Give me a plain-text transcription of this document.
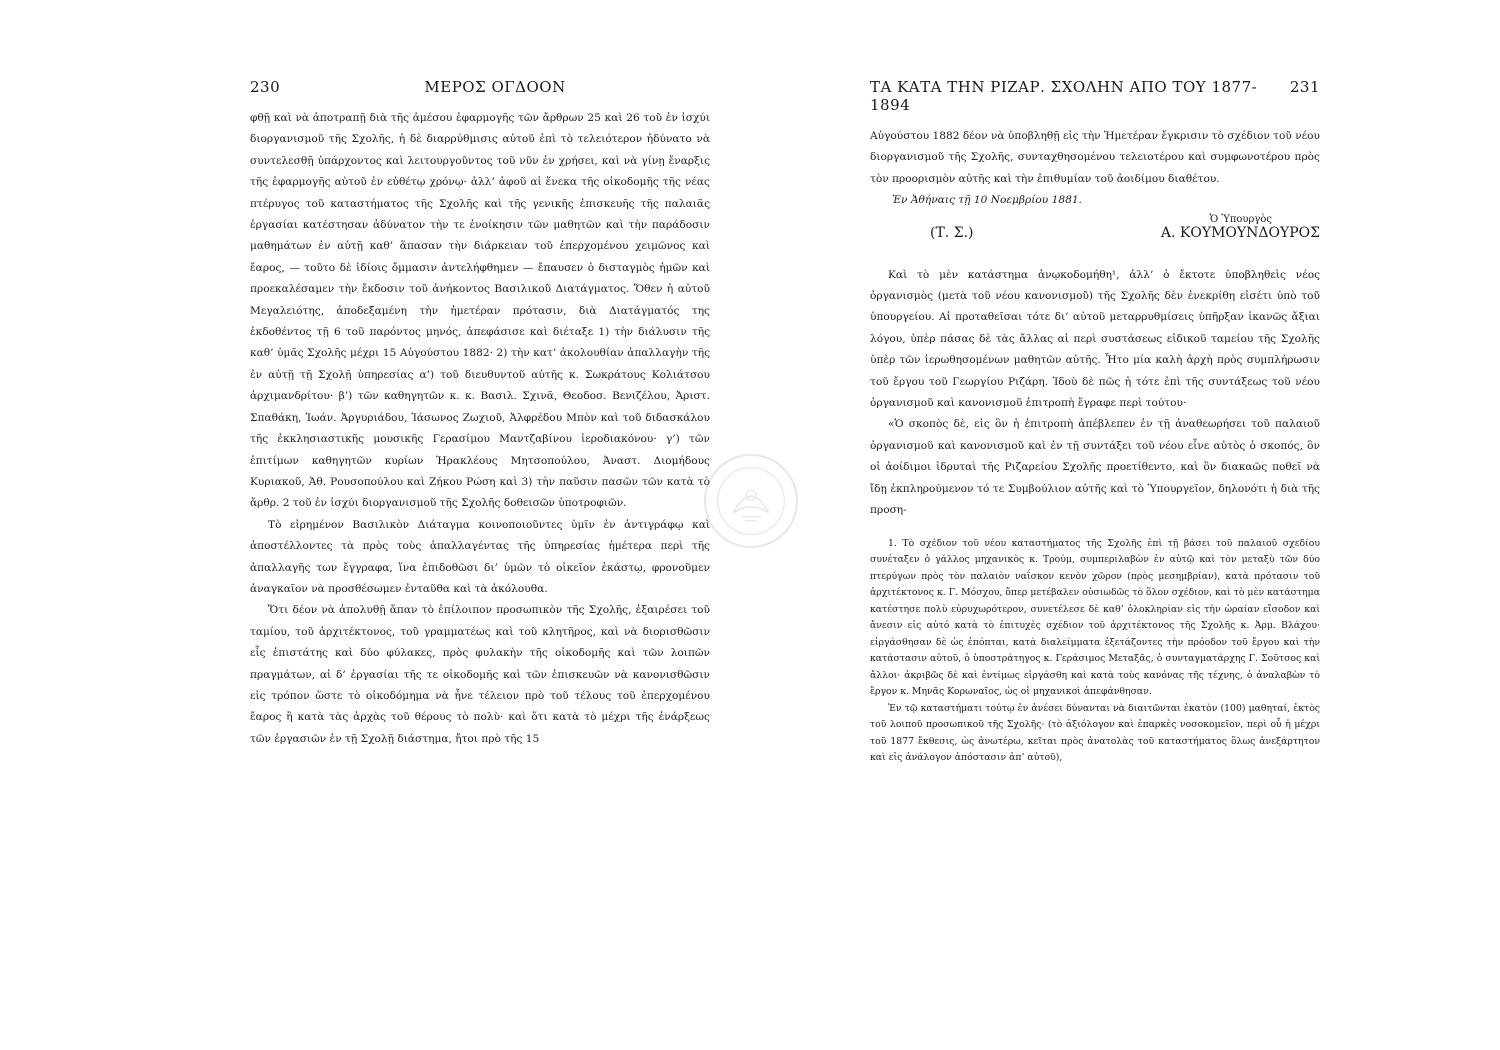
230	ΜΕΡΟΣ ΟΓΔΟΟΝ

φθῇ καὶ νὰ ἀποτραπῇ διὰ τῆς ἀμέσου ἐφαρμογῆς τῶν ἄρθρων 25 καὶ 26 τοῦ ἐν ἰσχύι διοργανισμοῦ τῆς Σχολῆς, ἡ δὲ διαρρύθμισις αὐτοῦ ἐπὶ τὸ τελειότερον ἠδύνατο νὰ συντελεσθῇ ὑπάρχοντος καὶ λειτουργοῦντος τοῦ νῦν ἐν χρήσει, καὶ νὰ γίνῃ ἔναρξις τῆς ἐφαρμογῆς αὐτοῦ ἐν εὐθέτῳ χρόνῳ· ἀλλ’ ἀφοῦ αἱ ἕνεκα τῆς οἰκοδομῆς τῆς νέας πτέρυγος τοῦ καταστήματος τῆς Σχολῆς καὶ τῆς γενικῆς ἐπισκευῆς τῆς παλαιᾶς ἐργασίαι κατέστησαν ἀδύνατον τὴν τε ἐνοίκησιν τῶν μαθητῶν καὶ τὴν παράδοσιν μαθημάτων ἐν αὐτῇ καθ’ ἅπασαν τὴν διάρκειαν τοῦ ἐπερχομένου χειμῶνος καὶ ἔαρος, — τοῦτο δὲ ἰδίοις ὄμμασιν ἀντελήφθημεν — ἔπαυσεν ὁ δισταγμὸς ἡμῶν καὶ προεκαλέσαμεν τὴν ἔκδοσιν τοῦ ἀνήκοντος Βασιλικοῦ Διατάγματος. Ὅθεν ἡ αὐτοῦ Μεγαλειότης, ἀποδεξαμένη τὴν ἡμετέραν πρότασιν, διὰ Διατάγματός της ἐκδοθέντος τῇ 6 τοῦ παρόντος μηνός, ἀπεφάσισε καὶ διέταξε 1) τὴν διάλυσιν τῆς καθ’ ὑμᾶς Σχολῆς μέχρι 15 Αὐγούστου 1882· 2) τὴν κατ’ ἀκολουθίαν ἀπαλλαγὴν τῆς ἐν αὐτῇ τῇ Σχολῇ ὑπηρεσίας α’) τοῦ διευθυντοῦ αὐτῆς κ. Σωκράτους Κολιάτσου ἀρχιμανδρίτου· β’) τῶν καθηγητῶν κ. κ. Βασιλ. Σχινᾶ, Θεοδοσ. Βενιζέλου, Ἀριστ. Σπαθάκη, Ἰωάν. Ἀργυριάδου, Ἰάσωνος Ζωχιοῦ, Ἀλφρέδου Μπὸν καὶ τοῦ διδασκάλου τῆς ἐκκλησιαστικῆς μουσικῆς Γερασίμου Μαντζαβίνου ἱεροδιακόνου· γ’) τῶν ἐπιτίμων καθηγητῶν κυρίων Ἡρακλέους Μητσοπούλου, Ἀναστ. Διομήδους Κυριακοῦ, Ἀθ. Ρουσοπούλου καὶ Ζήκου Ρώση καὶ 3) τὴν παῦσιν πασῶν τῶν κατὰ τὸ ἄρθρ. 2 τοῦ ἐν ἰσχύι διοργανισμοῦ τῆς Σχολῆς δοθεισῶν ὑποτροφιῶν.

Τὸ εἰρημένον Βασιλικὸν Διάταγμα κοινοποιοῦντες ὑμῖν ἐν ἀντιγράφῳ καὶ ἀποστέλλοντες τὰ πρὸς τοὺς ἀπαλλαγέντας τῆς ὑπηρεσίας ἡμέτερα περὶ τῆς ἀπαλλαγῆς των ἔγγραφα, ἵνα ἐπιδοθῶσι δι’ ὑμῶν τὸ οἰκεῖον ἑκάστῳ, φρονοῦμεν ἀναγκαῖον νὰ προσθέσωμεν ἐνταῦθα καὶ τὰ ἀκόλουθα.

Ὅτι δέον νὰ ἀπολυθῇ ἅπαν τὸ ἐπίλοιπον προσωπικὸν τῆς Σχολῆς, ἐξαιρέσει τοῦ ταμίου, τοῦ ἀρχιτέκτονος, τοῦ γραμματέως καὶ τοῦ κλητῆρος, καὶ νὰ διορισθῶσιν εἷς ἐπιστάτης καὶ δύο φύλακες, πρὸς φυλακὴν τῆς οἰκοδομῆς καὶ τῶν λοιπῶν πραγμάτων, αἱ δ’ ἐργασίαι τῆς τε οἰκοδομῆς καὶ τῶν ἐπισκευῶν νὰ κανονισθῶσιν εἰς τρόπον ὥστε τὸ οἰκοδόμημα νὰ ἦνε τέλειον πρὸ τοῦ τέλους τοῦ ἐπερχομένου ἔαρος ἢ κατὰ τὰς ἀρχὰς τοῦ θέρους τὸ πολὺ· καὶ ὅτι κατὰ τὸ μέχρι τῆς ἐνάρξεως τῶν ἐργασιῶν ἐν τῇ Σχολῇ διάστημα, ἤτοι πρὸ τῆς 15

ΤΑ ΚΑΤΑ ΤΗΝ ΡΙΖΑΡ. ΣΧΟΛΗΝ ΑΠΟ ΤΟΥ 1877-1894
231

Αὐγούστου 1882 δέον νὰ ὑποβληθῇ εἰς τὴν Ἡμετέραν ἔγκρισιν τὸ σχέδιον τοῦ νέου διοργανισμοῦ τῆς Σχολῆς, συνταχθησομένου τελειοτέρου καὶ συμφωνοτέρου πρὸς τὸν προορισμὸν αὐτῆς καὶ τὴν ἐπιθυμίαν τοῦ ἀοιδίμου διαθέτου.

Ἐν Ἀθήναις τῇ 10 Νοεμβρίου 1881.

Ὁ Ὑπουργὸς
(Τ. Σ.)	Α. ΚΟΥΜΟΥΝΔΟΥΡΟΣ

Καὶ τὸ μὲν κατάστημα ἀνῳκοδομήθη¹, ἀλλ’ ὁ ἔκτοτε ὑποβληθεὶς νέος ὀργανισμὸς (μετὰ τοῦ νέου κανονισμοῦ) τῆς Σχολῆς δὲν ἐνεκρίθη εἰσέτι ὑπὸ τοῦ ὑπουργείου. Αἱ προταθεῖσαι τότε δι’ αὐτοῦ μεταρρυθμίσεις ὑπῆρξαν ἱκανῶς ἄξιαι λόγου, ὑπὲρ πάσας δὲ τὰς ἄλλας αἱ περὶ συστάσεως εἰδικοῦ ταμείου τῆς Σχολῆς ὑπὲρ τῶν ἱερωθησομένων μαθητῶν αὐτῆς. Ἦτο μία καλὴ ἀρχὴ πρὸς συμπλήρωσιν τοῦ ἔργου τοῦ Γεωργίου Ριζάρη. Ἰδοὺ δὲ πῶς ἡ τότε ἐπὶ τῆς συντάξεως τοῦ νέου ὀργανισμοῦ καὶ κανονισμοῦ ἐπιτροπὴ ἔγραφε περὶ τούτου·

«Ὁ σκοπὸς δὲ, εἰς ὃν ἡ ἐπιτροπὴ ἀπέβλεπεν ἐν τῇ ἀναθεωρήσει τοῦ παλαιοῦ ὀργανισμοῦ καὶ κανονισμοῦ καὶ ἐν τῇ συντάξει τοῦ νέου εἶνε αὐτὸς ὁ σκοπός, ὃν οἱ ἀοίδιμοι ἱδρυταὶ τῆς Ριζαρείου Σχολῆς προετίθεντο, καὶ ὃν διακαῶς ποθεῖ νὰ ἴδῃ ἐκπληρούμενον τό τε Συμβούλιον αὐτῆς καὶ τὸ Ὑπουργεῖον, δηλονότι ἡ διὰ τῆς προση-

1. Τὸ σχέδιον τοῦ νέου καταστήματος τῆς Σχολῆς ἐπὶ τῇ βάσει τοῦ παλαιοῦ σχεδίου συνέταξεν ὁ γάλλος μηχανικὸς κ. Τρούμ, συμπεριλαβὼν ἐν αὐτῷ καὶ τὸν μεταξὺ τῶν δύο πτερύγων πρὸς τὸν παλαιὸν ναΐσκον κενὸν χῶρον (πρὸς μεσημβρίαν), κατὰ πρότασιν τοῦ ἀρχιτέκτονος κ. Γ. Μόσχου, ὅπερ μετέβαλεν οὐσιωδῶς τὸ ὅλον σχέδιον, καὶ τὸ μὲν κατάστημα κατέστησε πολὺ εὐρυχωρότερον, συνετέλεσε δὲ καθ’ ὁλοκληρίαν εἰς τὴν ὡραίαν εἴσοδον καὶ ἄνεσιν εἰς αὐτό κατὰ τὸ ἐπιτυχὲς σχέδιον τοῦ ἀρχιτέκτονος τῆς Σχολῆς κ. Ἀρμ. Βλάχου· εἰργάσθησαν δὲ ὡς ἐπόπται, κατὰ διαλείμματα ἐξετάζοντες τὴν πρόοδον τοῦ ἔργου καὶ τὴν κατάστασιν αὐτοῦ, ὁ ὑποστράτηγος κ. Γεράσιμος Μεταξᾶς, ὁ συνταγματάρχης Γ. Σοῦτσος καὶ ἄλλοι· ἀκριβῶς δὲ καὶ ἐντίμως εἰργάσθη καὶ κατὰ τοὺς κανόνας τῆς τέχνης, ὁ ἀναλαβὼν τὸ ἔργον κ. Μηνᾶς Κορωναῖος, ὡς οἱ μηχανικοὶ ἀπεφάνθησαν.

Ἐν τῷ καταστήματι τούτῳ ἐν ἀνέσει δύνανται νὰ διαιτῶνται ἑκατὸν (100) μαθηταί, ἐκτὸς τοῦ λοιποῦ προσωπικοῦ τῆς Σχολῆς· (τὸ ἀξιόλογον καὶ ἐπαρκὲς νοσοκομεῖον, περὶ οὗ ἡ μέχρι τοῦ 1877 ἔκθεσις, ὡς ἀνωτέρω, κεῖται πρὸς ἀνατολὰς τοῦ καταστήματος ὅλως ἀνεξάρτητον καὶ εἰς ἀνάλογον ἀπόστασιν ἀπ’ αὐτοῦ),
